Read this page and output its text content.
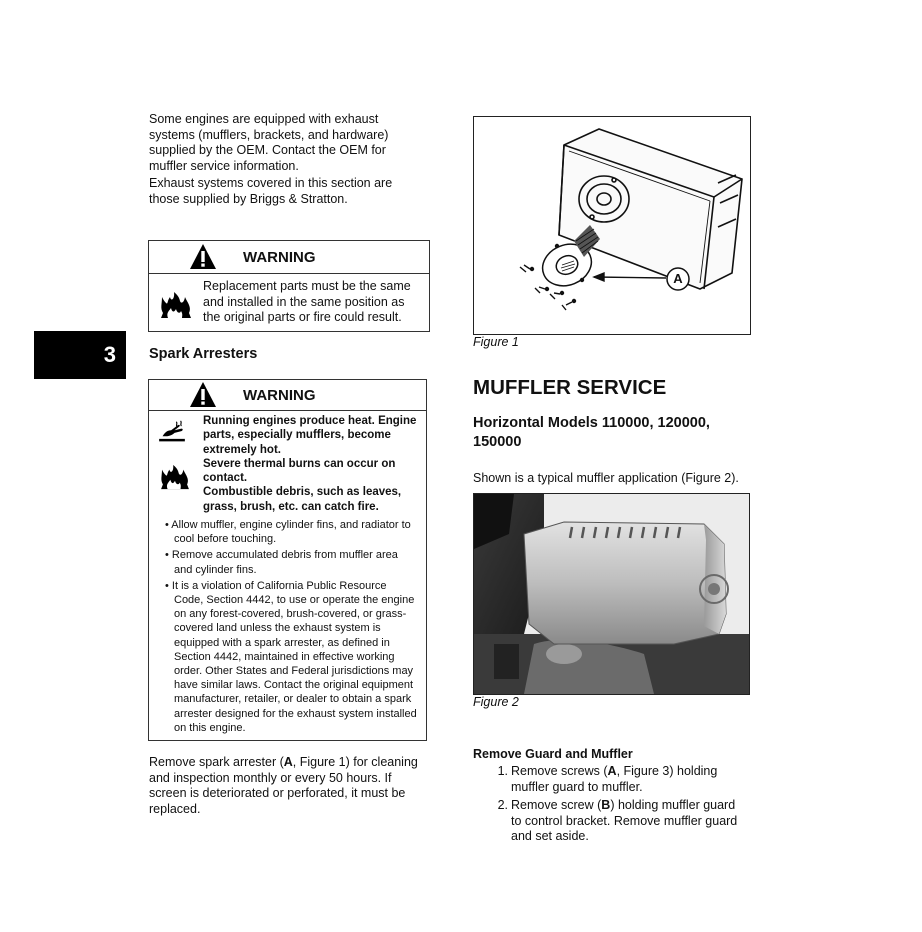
Some engines are equipped with exhaust
systems (mufflers, brackets, and hardware)
supplied by the OEM. Contact the OEM for
muffler service information.

Exhaust systems covered in this section are
those supplied by Briggs & Stratton.

WARNING
Replacement parts must be the same
and installed in the same position as
the original parts or fire could result.
3 Spark Arresters
WARNING
Running engines produce heat. Engine
parts, especially mufflers, become
extremely hot.
Severe thermal burns can occur on
contact.
Combustible debris, such as leaves,
grass, brush, etc. can catch fire.

• Allow muffler, engine cylinder fins, and radiator to
cool before touching.

• Remove accumulated debris from muffler area
and cylinder fins.

• It is a violation of California Public Resource
Code, Section 4442, to use or operate the engine
on any forest-covered, brush-covered, or grass-
covered land unless the exhaust system is
equipped with a spark arrester, as defined in
Section 4442, maintained in effective working
order. Other States and Federal jurisdictions may
have similar laws. Contact the original equipment
manufacturer, retailer, or dealer to obtain a spark
arrester designed for the exhaust system installed
on this engine.

Remove spark arrester (A, Figure 1) for cleaning
and inspection monthly or every 50 hours. If
screen is deteriorated or perforated, it must be
replaced.

A
Figure 1
MUFFLER SERVICE
Horizontal Models 110000, 120000,
150000

Shown is a typical muffler application (Figure 2).

Figure 2
Remove Guard and Muffler
1. Remove screws (A, Figure 3) holding
muffler guard to muffler.
2. Remove screw (B) holding muffler guard
to control bracket. Remove muffler guard
and set aside.
